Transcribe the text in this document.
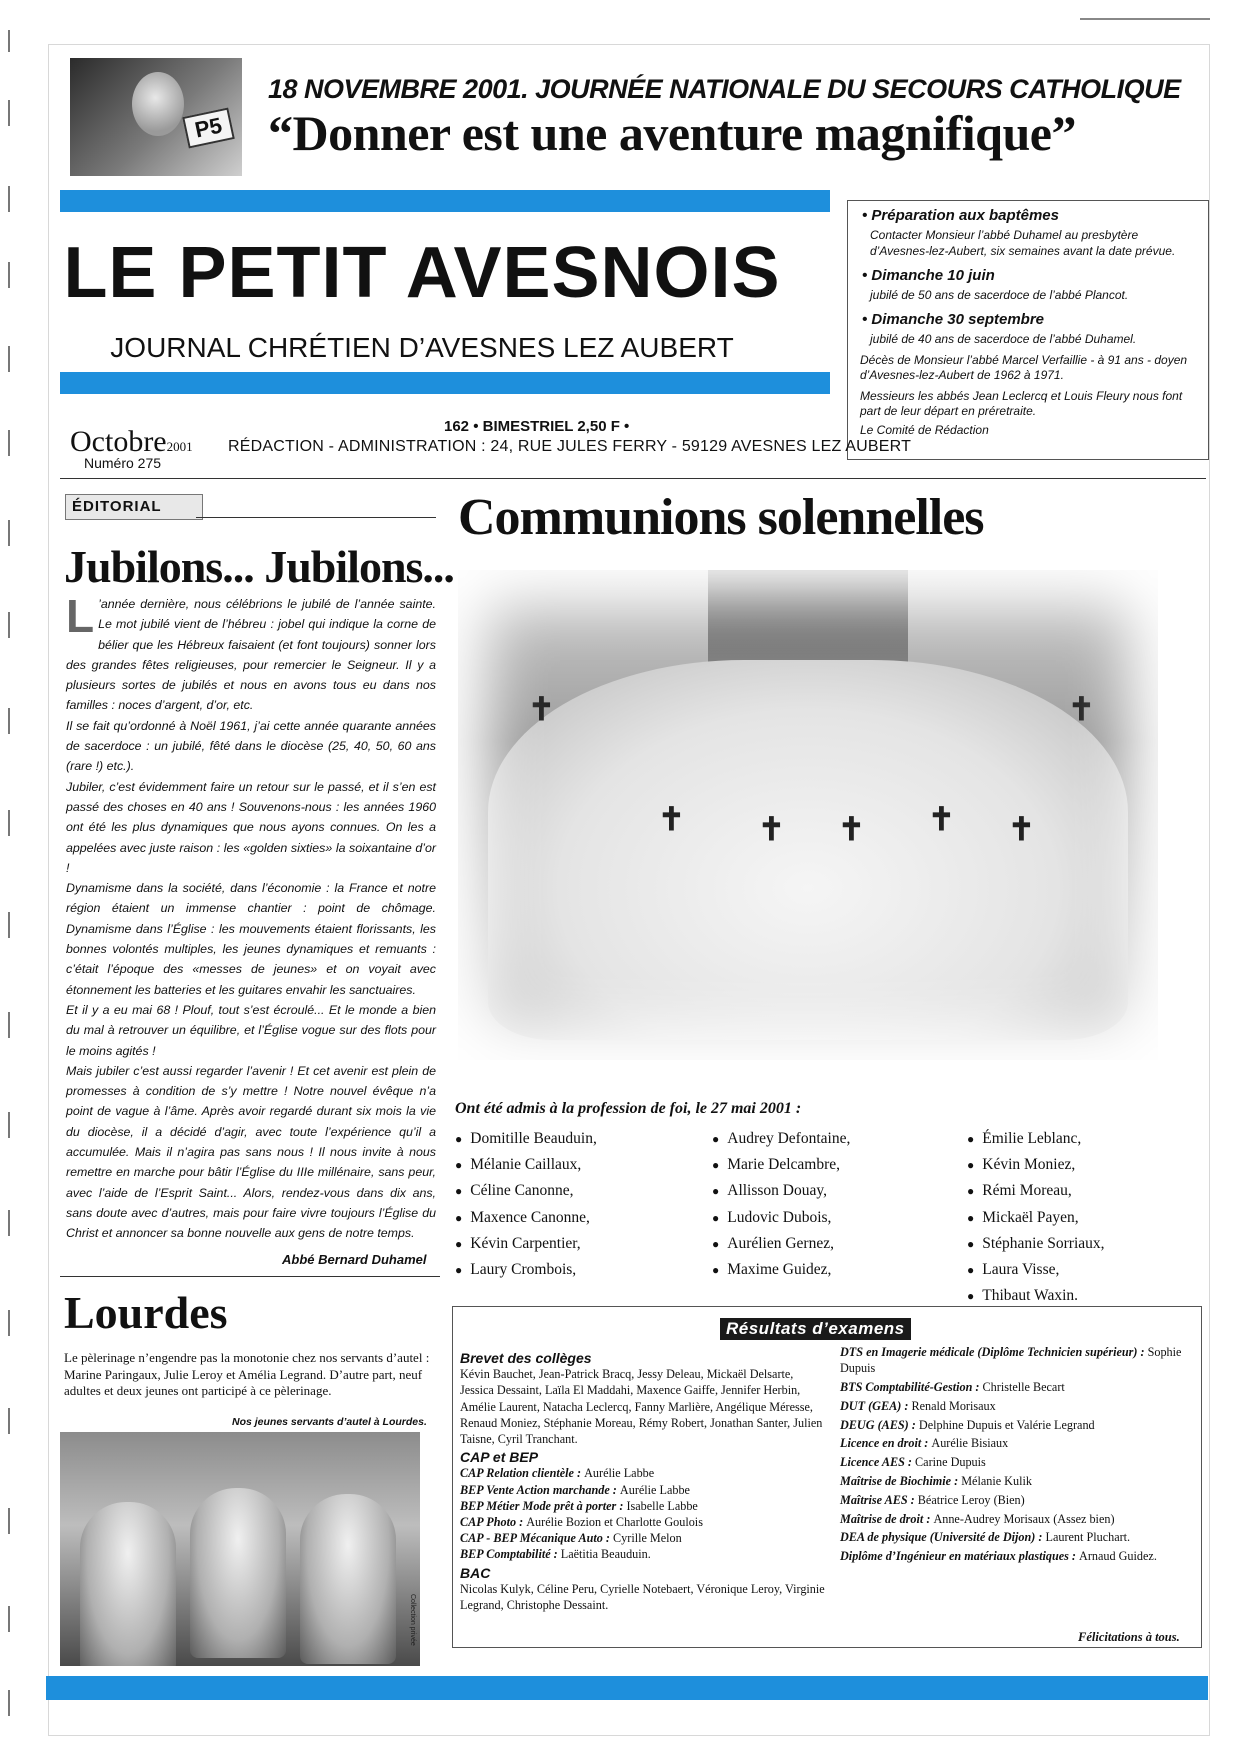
P5
18 NOVEMBRE 2001. JOURNÉE NATIONALE DU SECOURS CATHOLIQUE
“Donner est une aventure magnifique”
LE PETIT AVESNOIS
JOURNAL CHRÉTIEN D’AVESNES LEZ AUBERT
• Préparation aux baptêmes
Contacter Monsieur l’abbé Duhamel au presbytère
d’Avesnes-lez-Aubert, six semaines avant la date prévue.
• Dimanche 10 juin
jubilé de 50 ans de sacerdoce de l’abbé Plancot.
• Dimanche 30 septembre
jubilé de 40 ans de sacerdoce de l’abbé Duhamel.
Décès de Monsieur l’abbé Marcel Verfaillie - à 91 ans - doyen d’Avesnes-lez-Aubert de 1962 à 1971.
Messieurs les abbés Jean Leclercq et Louis Fleury nous font part de leur départ en préretraite.
Le Comité de Rédaction
Octobre2001
Numéro 275
162 • BIMESTRIEL 2,50 F •
RÉDACTION - ADMINISTRATION : 24, RUE JULES FERRY - 59129 AVESNES LEZ AUBERT
ÉDITORIAL
Jubilons... Jubilons...

L ’année dernière, nous célébrions le jubilé de l’année sainte. Le mot jubilé vient de l’hébreu : jobel qui indique la corne de bélier que les Hébreux faisaient (et font toujours) sonner lors des grandes fêtes religieuses, pour remercier le Seigneur. Il y a plusieurs sortes de jubilés et nous en avons tous eu dans nos familles : noces d’argent, d’or, etc.

Il se fait qu’ordonné à Noël 1961, j’ai cette année quarante années de sacerdoce : un jubilé, fêté dans le diocèse (25, 40, 50, 60 ans (rare !) etc.).

Jubiler, c’est évidemment faire un retour sur le passé, et il s’en est passé des choses en 40 ans ! Souvenons-nous : les années 1960 ont été les plus dynamiques que nous ayons connues. On les a appelées avec juste raison : les «golden sixties» la soixantaine d’or !

Dynamisme dans la société, dans l’économie : la France et notre région étaient un immense chantier : point de chômage. Dynamisme dans l’Église : les mouvements étaient florissants, les bonnes volontés multiples, les jeunes dynamiques et remuants : c’était l’époque des «messes de jeunes» et on voyait avec étonnement les batteries et les guitares envahir les sanctuaires.

Et il y a eu mai 68 ! Plouf, tout s’est écroulé... Et le monde a bien du mal à retrouver un équilibre, et l’Église vogue sur des flots pour le moins agités !

Mais jubiler c’est aussi regarder l’avenir ! Et cet avenir est plein de promesses à condition de s’y mettre ! Notre nouvel évêque n’a point de vague à l’âme. Après avoir regardé durant six mois la vie du diocèse, il a décidé d’agir, avec toute l’expérience qu’il a accumulée. Mais il n’agira pas sans nous ! Il nous invite à nous remettre en marche pour bâtir l’Église du IIIe millénaire, sans peur, avec l’aide de l’Esprit Saint... Alors, rendez-vous dans dix ans, sans doute avec d’autres, mais pour faire vivre toujours l’Église du Christ et annoncer sa bonne nouvelle aux gens de notre temps.

Abbé Bernard Duhamel
Communions solennelles
✝
✝ ✝ ✝ ✝ ✝
✝
Ont été admis à la profession de foi, le 27 mai 2001 :
● Domitille Beauduin,
● Mélanie Caillaux,
● Céline Canonne,
● Maxence Canonne,
● Kévin Carpentier,
● Laury Crombois,
● Audrey Defontaine,
● Marie Delcambre,
● Allisson Douay,
● Ludovic Dubois,
● Aurélien Gernez,
● Maxime Guidez,
● Émilie Leblanc,
● Kévin Moniez,
● Rémi Moreau,
● Mickaël Payen,
● Stéphanie Sorriaux,
● Laura Visse,
● Thibaut Waxin.
Lourdes
Le pèlerinage n’engendre pas la monotonie chez nos servants d’autel : Marine Paringaux, Julie Leroy et Amélia Legrand. D’autre part, neuf adultes et deux jeunes ont participé à ce pèlerinage.
Nos jeunes servants d’autel à Lourdes.
Collection privée
Résultats d’examens
Brevet des collèges
Kévin Bauchet, Jean-Patrick Bracq, Jessy Deleau, Mickaël Delsarte, Jessica Dessaint, Laïla El Maddahi, Maxence Gaiffe, Jennifer Herbin, Amélie Laurent, Natacha Leclercq, Fanny Marlière, Angélique Méresse, Renaud Moniez, Stéphanie Moreau, Rémy Robert, Jonathan Santer, Julien Taisne, Cyril Tranchant.
CAP et BEP
CAP Relation clientèle : Aurélie Labbe
BEP Vente Action marchande : Aurélie Labbe
BEP Métier Mode prêt à porter : Isabelle Labbe
CAP Photo : Aurélie Bozion et Charlotte Goulois
CAP - BEP Mécanique Auto : Cyrille Melon
BEP Comptabilité : Laëtitia Beauduin.
BAC
Nicolas Kulyk, Céline Peru, Cyrielle Notebaert, Véronique Leroy, Virginie Legrand, Christophe Dessaint.
DTS en Imagerie médicale (Diplôme Technicien supérieur) : Sophie Dupuis
BTS Comptabilité-Gestion : Christelle Becart
DUT (GEA) : Renald Morisaux
DEUG (AES) : Delphine Dupuis et Valérie Legrand
Licence en droit : Aurélie Bisiaux
Licence AES : Carine Dupuis
Maîtrise de Biochimie : Mélanie Kulik
Maîtrise AES : Béatrice Leroy (Bien)
Maîtrise de droit : Anne-Audrey Morisaux (Assez bien)
DEA de physique (Université de Dijon) : Laurent Pluchart.
Diplôme d’Ingénieur en matériaux plastiques : Arnaud Guidez.
Félicitations à tous.
